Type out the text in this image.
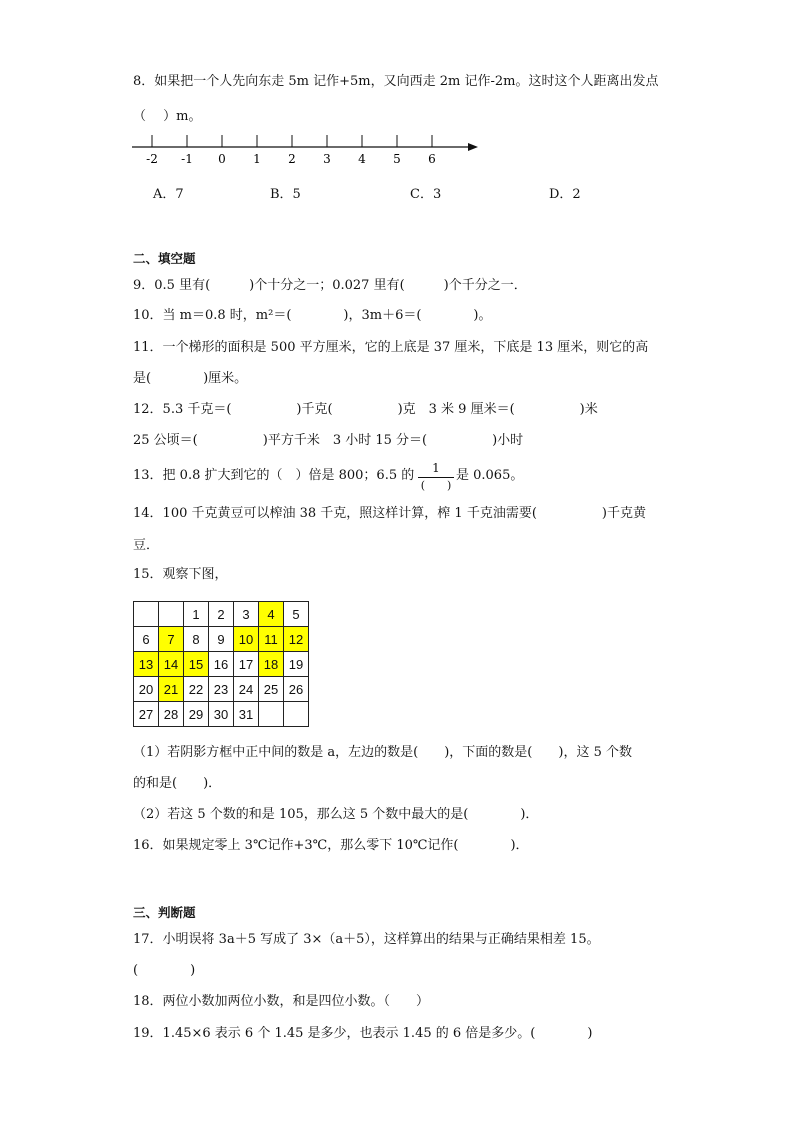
8．如果把一个人先向东走 5m 记作+5m，又向西走 2m 记作-2m。这时这个人距离出发点
（　 ）m。
-2 -1 0 1 2 3 4 5 6
A．7	B．5	C．3	D．2
二、填空题
9．0.5 里有(　　　)个十分之一；0.027 里有(　　　)个千分之一．
10．当 m＝0.8 时，m²＝(　　　　)，3m＋6＝(　　　　)。
11．一个梯形的面积是 500 平方厘米，它的上底是 37 厘米，下底是 13 厘米，则它的高
是(　　　　)厘米。
12．5.3 千克＝(　　　　　)千克(　　　　　)克　3 米 9 厘米＝(　　　　　)米
25 公顷＝(　　　　　)平方千米　3 小时 15 分＝(　　　　　)小时
13．把 0.8 扩大到它的（　）倍是 800；6.5 的	1
(　　)
是 0.065。
14．100 千克黄豆可以榨油 38 千克，照这样计算，榨 1 千克油需要(　　　　　)千克黄
豆．
15．观察下图，
		1	2	3	4	5
6	7	8	9	10	11	12
13	14	15	16	17	18	19
20	21	22	23	24	25	26
27	28	29	30	31		
（1）若阴影方框中正中间的数是 a，左边的数是(　　)，下面的数是(　　)，这 5 个数
的和是(　　)．
（2）若这 5 个数的和是 105，那么这 5 个数中最大的是(　　　　)．
16．如果规定零上 3℃记作+3℃，那么零下 10℃记作(　　　　)．
三、判断题
17．小明误将 3a＋5 写成了 3×（a＋5），这样算出的结果与正确结果相差 15。
(　　　　)
18．两位小数加两位小数，和是四位小数。（　　）
19．1.45×6 表示 6 个 1.45 是多少，也表示 1.45 的 6 倍是多少。(　　　　)
